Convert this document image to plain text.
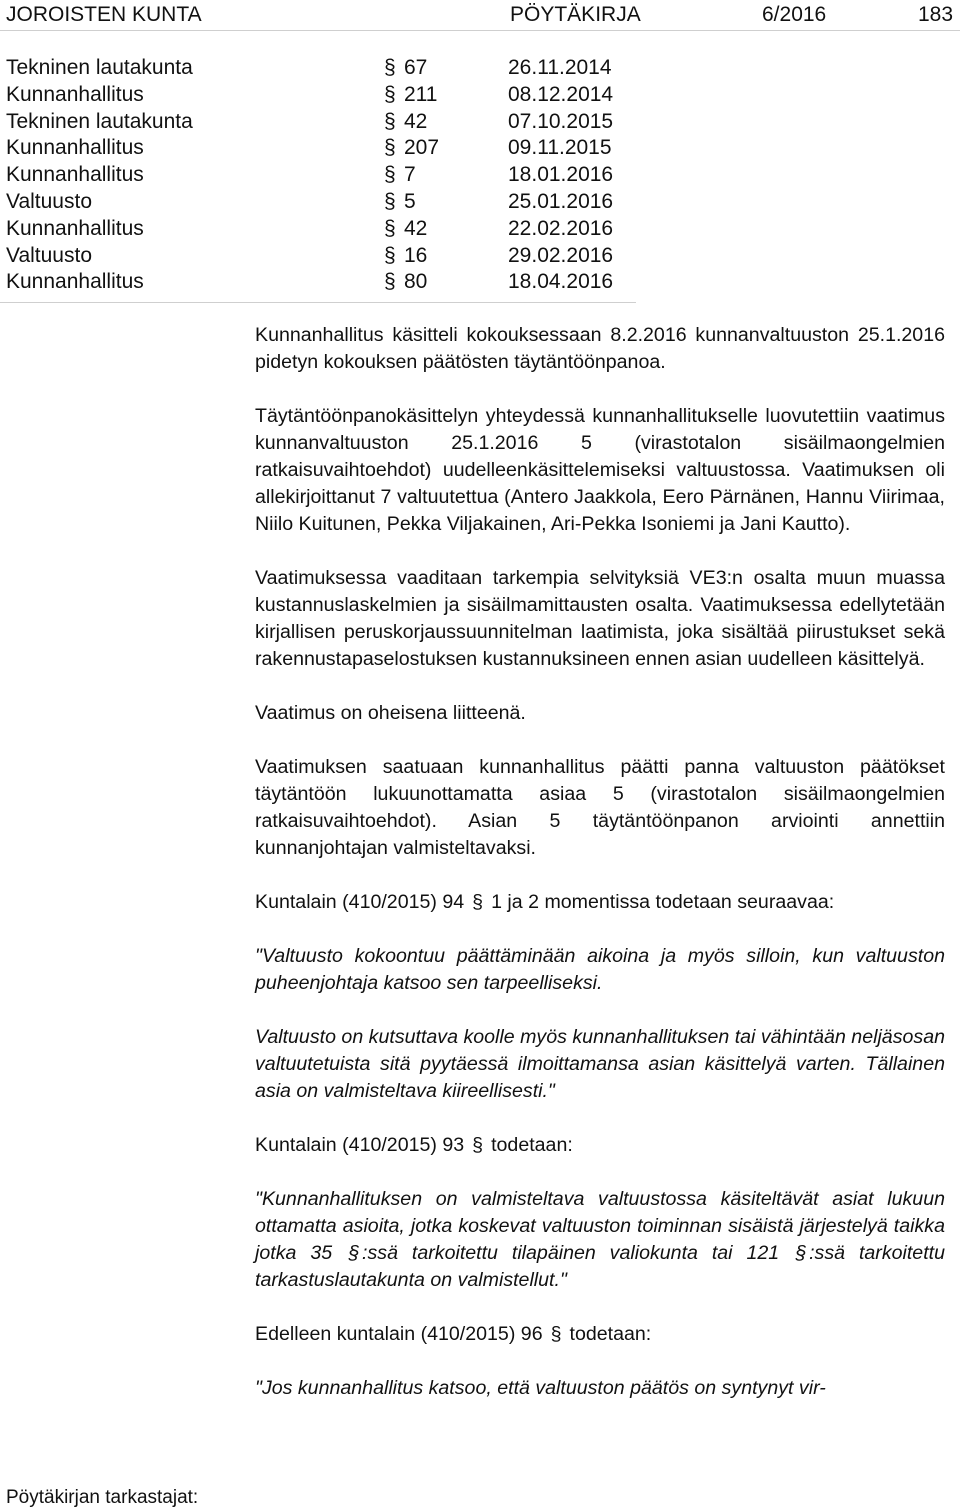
JOROISTEN KUNTA	PÖYTÄKIRJA	6/2016	183
Tekninen lautakunta	§ 67	26.11.2014
Kunnanhallitus	§ 211	08.12.2014
Tekninen lautakunta	§ 42	07.10.2015
Kunnanhallitus	§ 207	09.11.2015
Kunnanhallitus	§ 7	18.01.2016
Valtuusto	§ 5	25.01.2016
Kunnanhallitus	§ 42	22.02.2016
Valtuusto	§ 16	29.02.2016
Kunnanhallitus	§ 80	18.04.2016

Kunnanhallitus käsitteli kokouksessaan 8.2.2016 kunnanvaltuuston 25.1.2016 pidetyn kokouksen päätösten täytäntöönpanoa.

Täytäntöönpanokäsittelyn yhteydessä kunnanhallitukselle luovutettiin vaatimus kunnanvaltuuston 25.1.2016 5 (virastotalon sisäilmaongelmien ratkaisuvaihtoehdot) uudelleenkäsittelemiseksi valtuustossa. Vaatimuksen oli allekirjoittanut 7 valtuutettua (Antero Jaakkola, Eero Pärnänen, Hannu Viirimaa, Niilo Kuitunen, Pekka Viljakainen, Ari-Pekka Isoniemi ja Jani Kautto).

Vaatimuksessa vaaditaan tarkempia selvityksiä VE3:n osalta muun muassa kustannuslaskelmien ja sisäilmamittausten osalta. Vaatimuksessa edellytetään kirjallisen peruskorjaussuunnitelman laatimista, joka sisältää piirustukset sekä rakennustapaselostuksen kustannuksineen ennen asian uudelleen käsittelyä.

Vaatimus on oheisena liitteenä.

Vaatimuksen saatuaan kunnanhallitus päätti panna valtuuston päätökset täytäntöön lukuunottamatta asiaa 5 (virastotalon sisäilmaongelmien ratkaisuvaihtoehdot). Asian 5 täytäntöönpanon arviointi annettiin kunnanjohtajan valmisteltavaksi.

Kuntalain (410/2015) 94 § 1 ja 2 momentissa todetaan seuraavaa:

"Valtuusto kokoontuu päättäminään aikoina ja myös silloin, kun valtuuston puheenjohtaja katsoo sen tarpeelliseksi.

Valtuusto on kutsuttava koolle myös kunnanhallituksen tai vähintään neljäsosan valtuutetuista sitä pyytäessä ilmoittamansa asian käsittelyä varten. Tällainen asia on valmisteltava kiireellisesti."

Kuntalain (410/2015) 93 § todetaan:

"Kunnanhallituksen on valmisteltava valtuustossa käsiteltävät asiat lukuun ottamatta asioita, jotka koskevat valtuuston toiminnan sisäistä järjestelyä taikka jotka 35 § :ssä tarkoitettu tilapäinen valiokunta tai 121 § :ssä tarkoitettu tarkastuslautakunta on valmistellut."

Edelleen kuntalain (410/2015) 96 § todetaan:

"Jos kunnanhallitus katsoo, että valtuuston päätös on syntynyt vir-

Pöytäkirjan tarkastajat:
